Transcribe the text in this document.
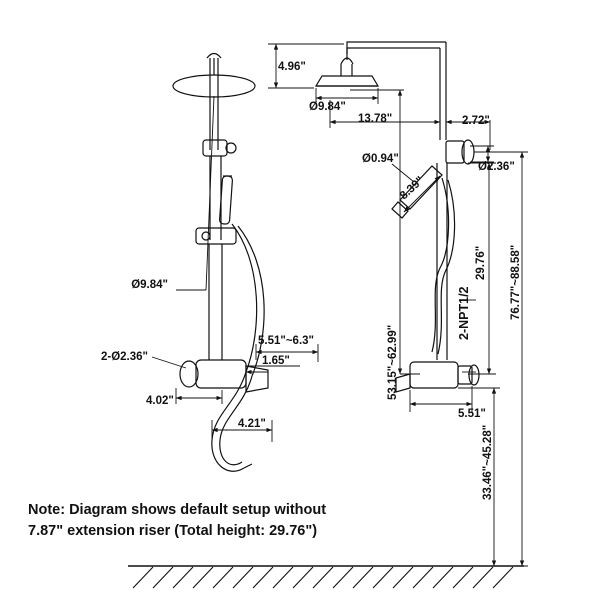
Ø9.84"
2-Ø2.36"
5.51"~6.3"
1.65"
4.02"
4.21"
4.96"
Ø9.84"
13.78"	2.72"
Ø0.94"
8.39"
Ø2.36"
29.76"
2-NPT1/2	76.77"~88.58"
53.15"~62.99"
33.46"~45.28"
5.51"
Note: Diagram shows default setup without 7.87" extension riser (Total height: 29.76")
